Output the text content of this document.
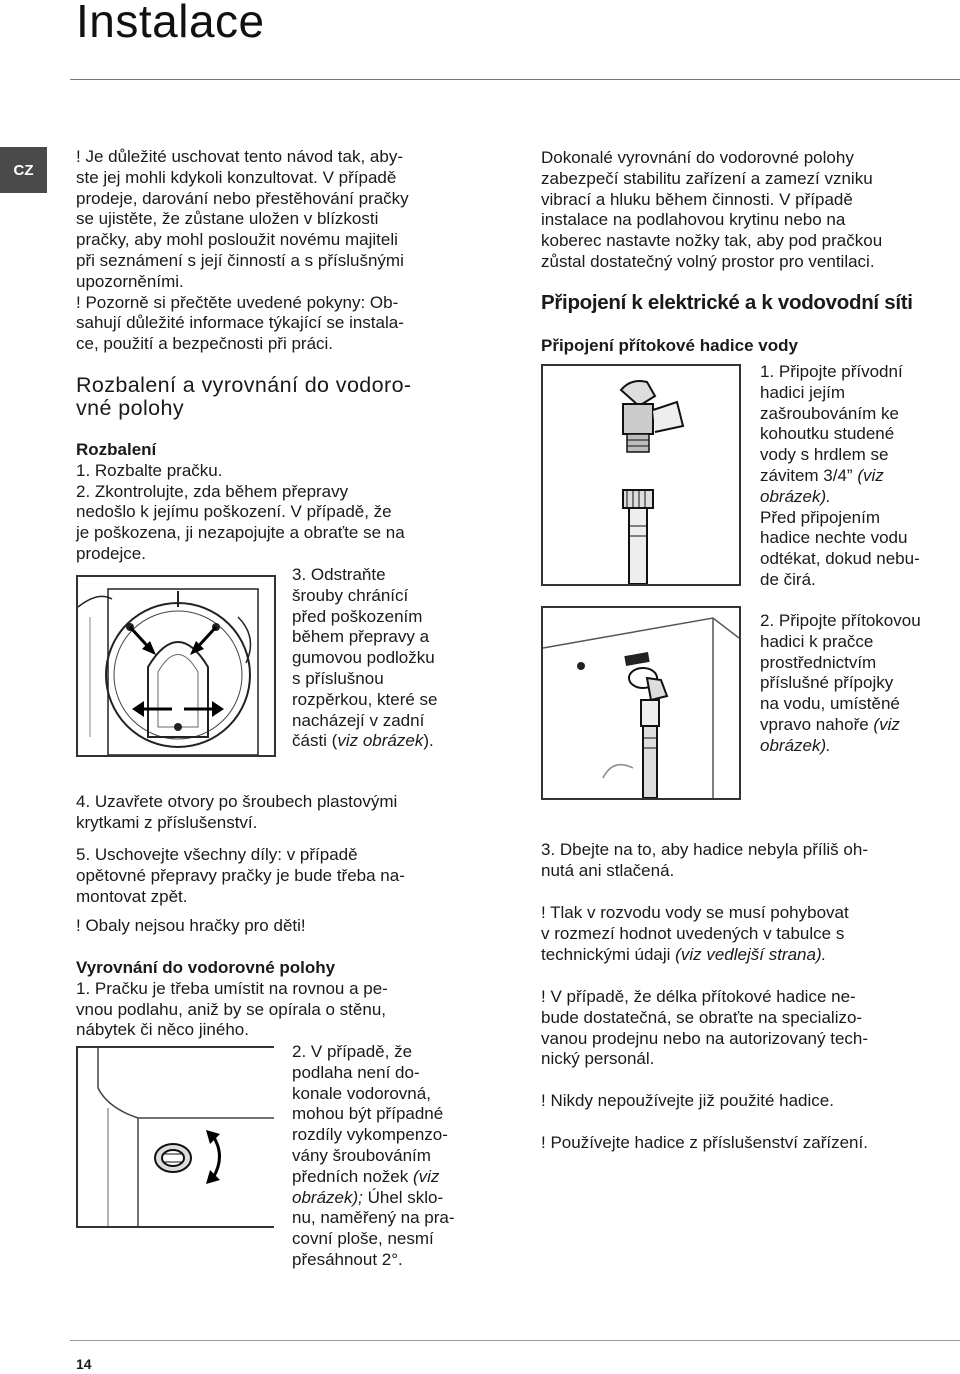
Instalace
CZ
! Je důležité uschovat tento návod tak, aby-
ste jej mohli kdykoli konzultovat. V případě
prodeje, darování nebo přestěhování pračky
se ujistěte, že zůstane uložen v blízkosti
pračky, aby mohl posloužit novému majiteli
při seznámení s její činností a s příslušnými
upozorněními.
! Pozorně si přečtěte uvedené pokyny: Ob-
sahují důležité informace týkající se instala-
ce, použití a bezpečnosti při práci.
Rozbalení a vyrovnání do vodoro-
vné polohy
Rozbalení
1. Rozbalte pračku.
2. Zkontrolujte, zda během přepravy
nedošlo k jejímu poškození. V případě, že
je poškozena, ji nezapojujte a obraťte se na
prodejce.
3. Odstraňte
šrouby chránící
před poškozením
během přepravy a
gumovou podložku
s příslušnou
rozpěrkou, které se
nacházejí v zadní
části (viz obrázek).
4. Uzavřete otvory po šroubech plastovými
krytkami z příslušenství.
5. Uschovejte všechny díly: v případě
opětovné přepravy pračky je bude třeba na-
montovat zpět.
! Obaly nejsou hračky pro děti!
Vyrovnání do vodorovné polohy
1. Pračku je třeba umístit na rovnou a pe-
vnou podlahu, aniž by se opírala o stěnu,
nábytek či něco jiného.
2. V případě, že
podlaha není do-
konale vodorovná,
mohou být případné
rozdíly vykompenzo-
vány šroubováním
předních nožek (viz
obrázek); Úhel sklo-
nu, naměřený na pra-
covní ploše, nesmí
přesáhnout 2°.
Dokonalé vyrovnání do vodorovné polohy
zabezpečí stabilitu zařízení a zamezí vzniku
vibrací a hluku během činnosti. V případě
instalace na podlahovou krytinu nebo na
koberec nastavte nožky tak, aby pod pračkou
zůstal dostatečný volný prostor pro ventilaci.
Připojení k elektrické a k vodovodní síti
Připojení přítokové hadice vody
1. Připojte přívodní
hadici jejím
zašroubováním ke
kohoutku studené
vody s hrdlem se
závitem 3/4” (viz
obrázek).
Před připojením
hadice nechte vodu
odtékat, dokud nebu-
de čirá.
2. Připojte přítokovou
hadici k pračce
prostřednictvím
příslušné přípojky
na vodu, umístěné
vpravo nahoře (viz
obrázek).
3. Dbejte na to, aby hadice nebyla příliš oh-
nutá ani stlačená.
! Tlak v rozvodu vody se musí pohybovat
v rozmezí hodnot uvedených v tabulce s
technickými údaji (viz vedlejší strana).
! V případě, že délka přítokové hadice ne-
bude dostatečná, se obraťte na specializo-
vanou prodejnu nebo na autorizovaný tech-
nický personál.
! Nikdy nepoužívejte již použité hadice.
! Používejte hadice z příslušenství zařízení.
14
